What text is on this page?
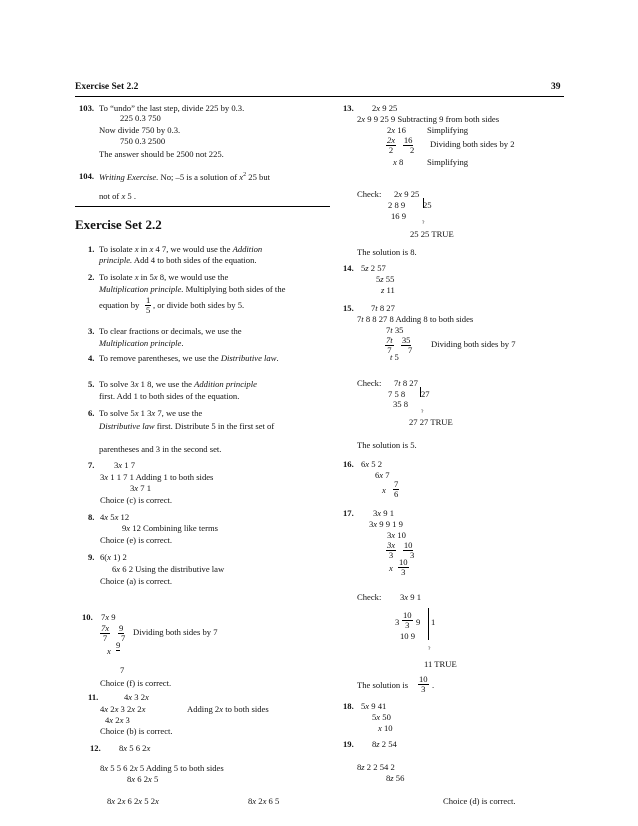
Exercise Set 2.2	39
103. To “undo” the last step, divide 225 by 0.3.
225 0.3 750
Now divide 750 by 0.3.
750 0.3 2500
The answer should be 2500 not 225.
104. Writing Exercise. No; –5 is a solution of $x^2$ 25 but
not of x 5 .
Exercise Set 2.2
1. To isolate x in x 4 7, we would use the Addition
principle. Add 4 to both sides of the equation.
2. To isolate x in 5x 8, we would use the
Multiplication principle. Multiplying both sides of the
equation by $\frac{1}{5}$ , or divide both sides by 5.
3. To clear fractions or decimals, we use the
Multiplication principle.
4. To remove parentheses, we use the Distributive law.
5. To solve 3x 1 8, we use the Addition principle
first. Add 1 to both sides of the equation.
6. To solve 5x 1 3x 7, we use the
Distributive law first. Distribute 5 in the first set of
parentheses and 3 in the second set.
7. 3x 1 7
3x 1 1 7 1 Adding 1 to both sides
3x 7 1
Choice (c) is correct.
8. 4x 5x 12
9x 12 Combining like terms
Choice (e) is correct.
9. 6(x 1) 2
6x 6 2 Using the distributive law
Choice (a) is correct.
10. 7x 9
$\frac{7x}{7} \frac{9}{7}$ Dividing both sides by 7
x
9
7
Choice (f) is correct.
11.	4x 3 2x
4x 2x 3 2x 2x	Adding 2x to both sides
4x 2x 3
Choice (b) is correct.
12. 8x 5 6 2x
8x 5 5 6 2x 5 Adding 5 to both sides
8x 6 2x 5
8x 2x 6 2x 5 2x	8x 2x 6 5
13. 2x 9 25
2x 9 9 25 9 Subtracting 9 from both sides
2x 16 Simplifying
$\frac{2x}{2} \frac{16}{2}$ Dividing both sides by 2
x 8	Simplifying
Check: 2x 9 25
2 8 9 25
16 9
?
25 25 TRUE
The solution is 8.
14. 5z 2 57
5z 55
z 11
15. 7t 8 27
7t 8 8 27 8 Adding 8 to both sides
7t 35
$\frac{7t}{7} \frac{35}{7}$ Dividing both sides by 7
t 5
Check: 7t 8 27
7 5 8 27
35 8
?
27 27 TRUE
The solution is 5.
16. 6x 5 2
6x 7
x $\frac{7}{6}$
17. 3x 9 1
3x 9 9 1 9
3x 10
$\frac{3x}{3} \frac{10}{3}$
x $\frac{10}{3}$
Check: 3x 9 1
$3 \frac{10}{3} 9$ 1
10 9
?
11 TRUE
The solution is $\frac{10}{3}$ .
18. 5x 9 41
5x 50
x 10
19. 8z 2 54
8z 2 2 54 2
8z 56
Choice (d) is correct.
